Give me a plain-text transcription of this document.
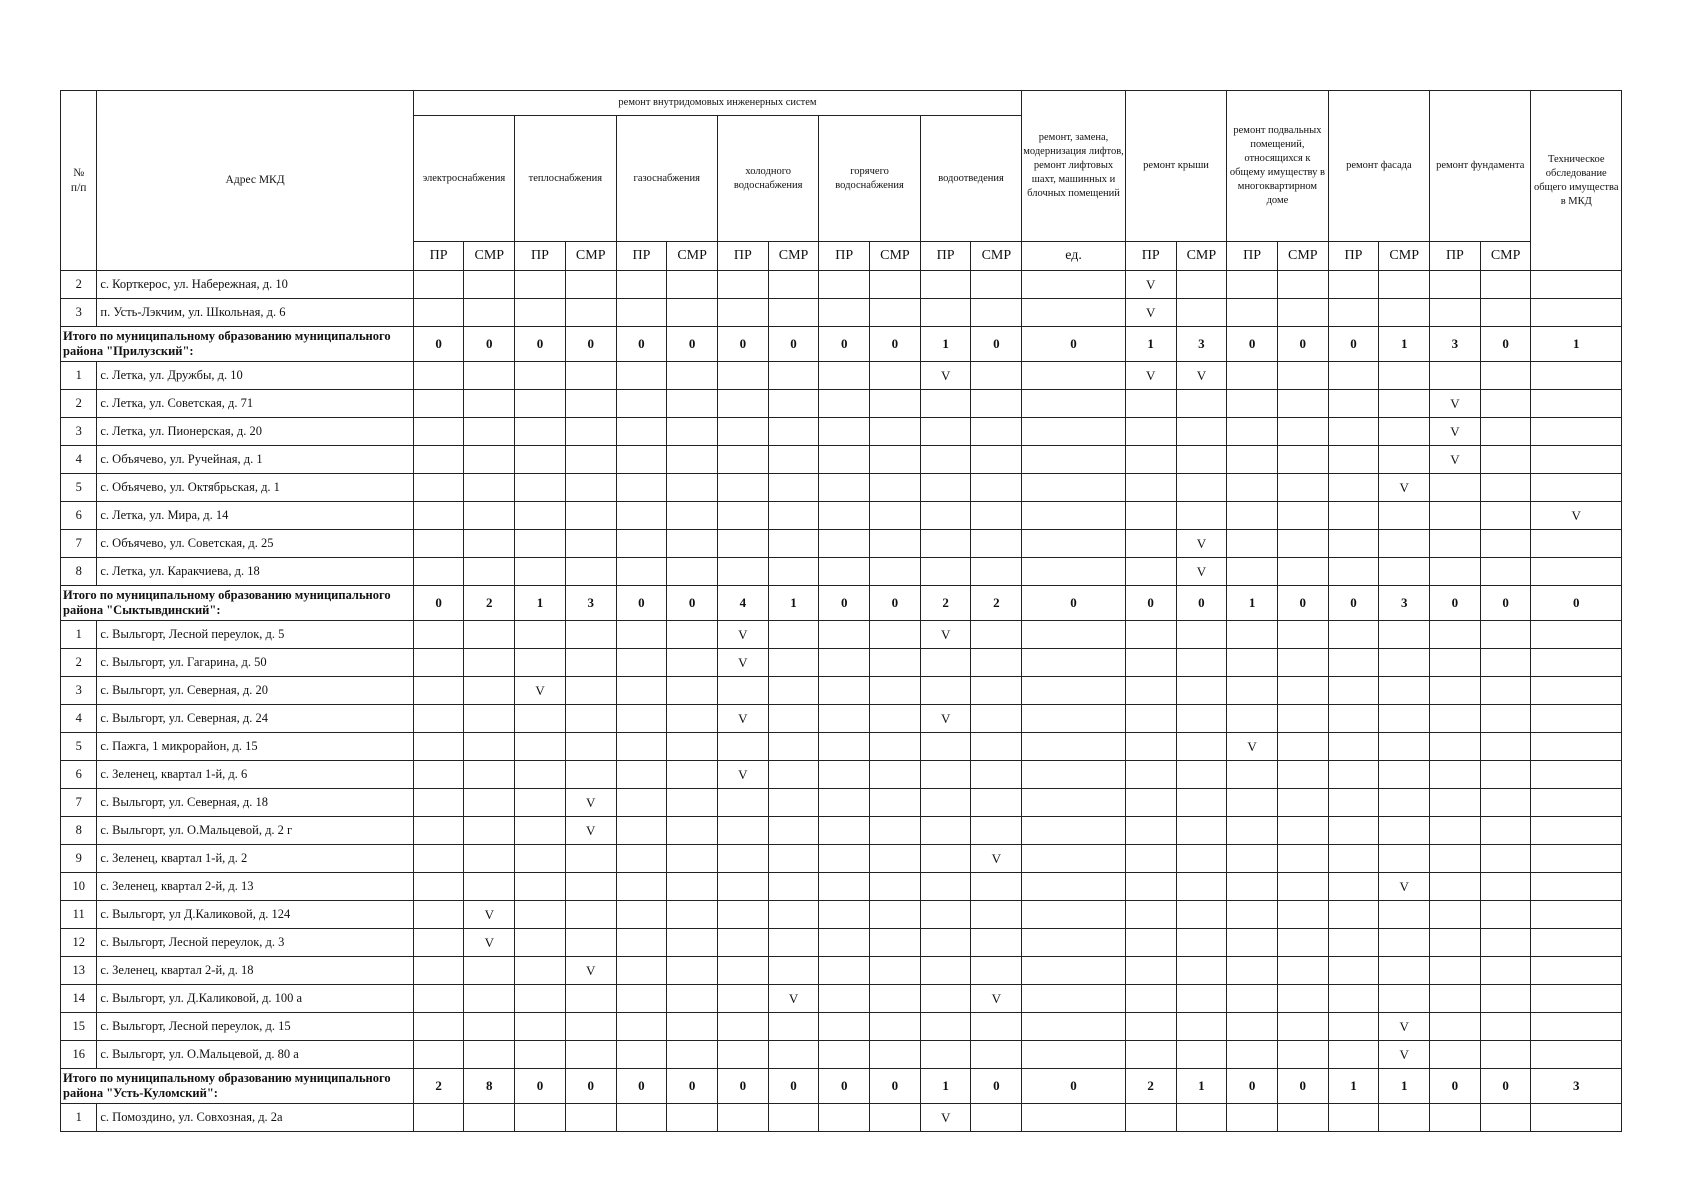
№
п/п	Адрес МКД	ремонт внутридомовых инженерных систем												ремонт, замена, модернизация лифтов, ремонт лифтовых шахт, машинных и блочных помещений	ремонт крыши		ремонт подвальных помещений, относящихся к общему имуществу в многоквартирном доме		ремонт фасада		ремонт фундамента		Техническое обследование общего имущества в МКД
		электроснабжения		теплоснабжения		газоснабжения		холодного водоснабжения		горячего водоснабжения		водоотведения											
		ПР	СМР	ПР	СМР	ПР	СМР	ПР	СМР	ПР	СМР	ПР	СМР	ед.	ПР	СМР	ПР	СМР	ПР	СМР	ПР	СМР	
2	с. Корткерос, ул. Набережная, д. 10														V								
3	п. Усть-Лэкчим, ул. Школьная, д. 6														V								
Итого по муниципальному образованию муниципального района "Прилузский":		0	0	0	0	0	0	0	0	0	0	1	0	0	1	3	0	0	0	1	3	0	1
1	с. Летка, ул. Дружбы, д. 10											V			V	V							
2	с. Летка, ул. Советская, д. 71																				V		
3	с. Летка, ул. Пионерская, д. 20																				V		
4	с. Объячево, ул. Ручейная, д. 1																				V		
5	с. Объячево, ул. Октябрьская, д. 1																			V			
6	с. Летка, ул. Мира, д. 14																						V
7	с. Объячево, ул. Советская, д. 25															V							
8	с. Летка, ул. Каракчиева, д. 18															V							
Итого по муниципальному образованию муниципального района "Сыктывдинский":		0	2	1	3	0	0	4	1	0	0	2	2	0	0	0	1	0	0	3	0	0	0
1	с. Выльгорт, Лесной переулок, д. 5							V				V											
2	с. Выльгорт, ул. Гагарина, д. 50							V															
3	с. Выльгорт, ул. Северная, д. 20			V																			
4	с. Выльгорт, ул. Северная, д. 24							V				V											
5	с. Пажга, 1 микрорайон, д. 15																V						
6	с. Зеленец, квартал 1-й, д. 6							V															
7	с. Выльгорт, ул. Северная, д. 18				V																		
8	с. Выльгорт, ул. О.Мальцевой, д. 2 г				V																		
9	с. Зеленец, квартал 1-й, д. 2												V										
10	с. Зеленец, квартал 2-й, д. 13																			V			
11	с. Выльгорт, ул Д.Каликовой, д. 124		V																				
12	с. Выльгорт, Лесной переулок, д. 3		V																				
13	с. Зеленец, квартал 2-й, д. 18				V																		
14	с. Выльгорт, ул. Д.Каликовой, д. 100 а								V				V										
15	с. Выльгорт, Лесной переулок, д. 15																			V			
16	с. Выльгорт, ул. О.Мальцевой, д. 80 а																			V			
Итого по муниципальному образованию муниципального района "Усть-Куломский":		2	8	0	0	0	0	0	0	0	0	1	0	0	2	1	0	0	1	1	0	0	3
1	с. Помоздино, ул. Совхозная, д. 2а											V											
